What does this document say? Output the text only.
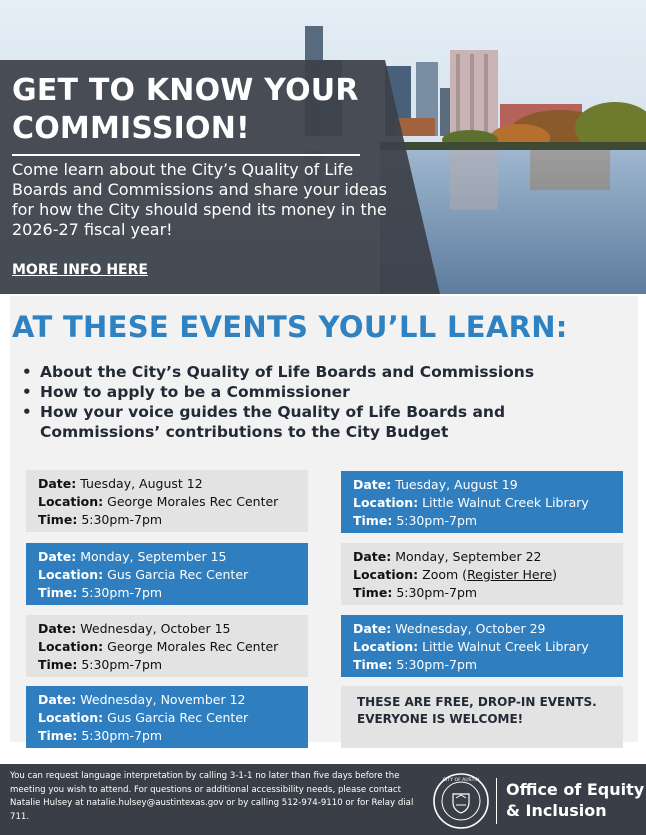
GET TO KNOW YOUR COMMISSION!
Come learn about the City’s Quality of Life Boards and Commissions and share your ideas for how the City should spend its money in the 2026-27 fiscal year!
MORE INFO HERE
AT THESE EVENTS YOU’LL LEARN:
• About the City’s Quality of Life Boards and Commissions
• How to apply to be a Commissioner
• How your voice guides the Quality of Life Boards and Commissions’ contributions to the City Budget
Date: Tuesday, August 12
Location: George Morales Rec Center
Time: 5:30pm-7pm
Date: Monday, September 15
Location: Gus Garcia Rec Center
Time: 5:30pm-7pm
Date: Wednesday, October 15
Location: George Morales Rec Center
Time: 5:30pm-7pm
Date: Wednesday, November 12
Location: Gus Garcia Rec Center
Time: 5:30pm-7pm
Date: Tuesday, August 19
Location: Little Walnut Creek Library
Time: 5:30pm-7pm
Date: Monday, September 22
Location: Zoom (Register Here)
Time: 5:30pm-7pm
Date: Wednesday, October 29
Location: Little Walnut Creek Library
Time: 5:30pm-7pm
THESE ARE FREE, DROP-IN EVENTS. EVERYONE IS WELCOME!
You can request language interpretation by calling 3-1-1 no later than five days before the meeting you wish to attend. For questions or additional accessibility needs, please contact Natalie Hulsey at natalie.hulsey@austintexas.gov or by calling 512-974-9110 or for Relay dial 711.
CITY OF AUSTIN Office of Equity
& Inclusion
